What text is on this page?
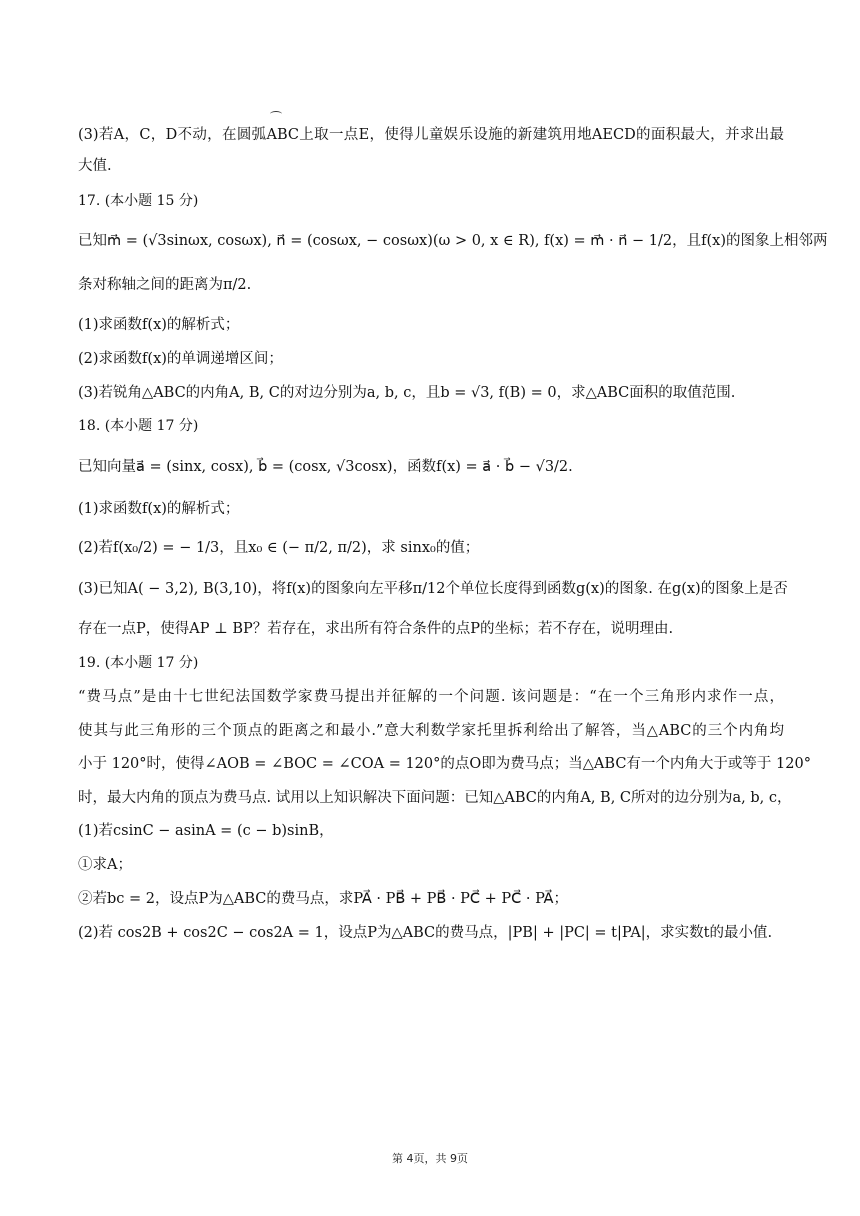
(3)若A，C，D不动，在圆弧ABC上取一点E，使得儿童娱乐设施的新建筑用地AECD的面积最大，并求出最
大值.
17. (本小题 15 分)
已知m⃗ = (√3sinωx, cosωx), n⃗ = (cosωx, − cosωx)(ω > 0, x ∈ R), f(x) = m⃗ · n⃗ − 1/2，且f(x)的图象上相邻两
条对称轴之间的距离为π/2.
(1)求函数f(x)的解析式；
(2)求函数f(x)的单调递增区间；
(3)若锐角△ABC的内角A, B, C的对边分别为a, b, c，且b = √3, f(B) = 0，求△ABC面积的取值范围.
18. (本小题 17 分)
已知向量a⃗ = (sinx, cosx), b⃗ = (cosx, √3cosx)，函数f(x) = a⃗ · b⃗ − √3/2.
(1)求函数f(x)的解析式；
(2)若f(x₀/2) = − 1/3，且x₀ ∈ (− π/2, π/2)，求 sinx₀的值；
(3)已知A( − 3,2), B(3,10)，将f(x)的图象向左平移π/12个单位长度得到函数g(x)的图象. 在g(x)的图象上是否
存在一点P，使得AP ⊥ BP？若存在，求出所有符合条件的点P的坐标；若不存在，说明理由.
19. (本小题 17 分)
“费马点”是由十七世纪法国数学家费马提出并征解的一个问题. 该问题是：“在一个三角形内求作一点，
使其与此三角形的三个顶点的距离之和最小.”意大利数学家托里拆利给出了解答，当△ABC的三个内角均
小于 120°时，使得∠AOB = ∠BOC = ∠COA = 120°的点O即为费马点；当△ABC有一个内角大于或等于 120°
时，最大内角的顶点为费马点. 试用以上知识解决下面问题：已知△ABC的内角A, B, C所对的边分别为a, b, c，
(1)若csinC − asinA = (c − b)sinB，
①求A；
②若bc = 2，设点P为△ABC的费马点，求PA⃗ · PB⃗ + PB⃗ · PC⃗ + PC⃗ · PA⃗；
(2)若 cos2B + cos2C − cos2A = 1，设点P为△ABC的费马点，|PB| + |PC| = t|PA|，求实数t的最小值.
第 4页，共 9页
